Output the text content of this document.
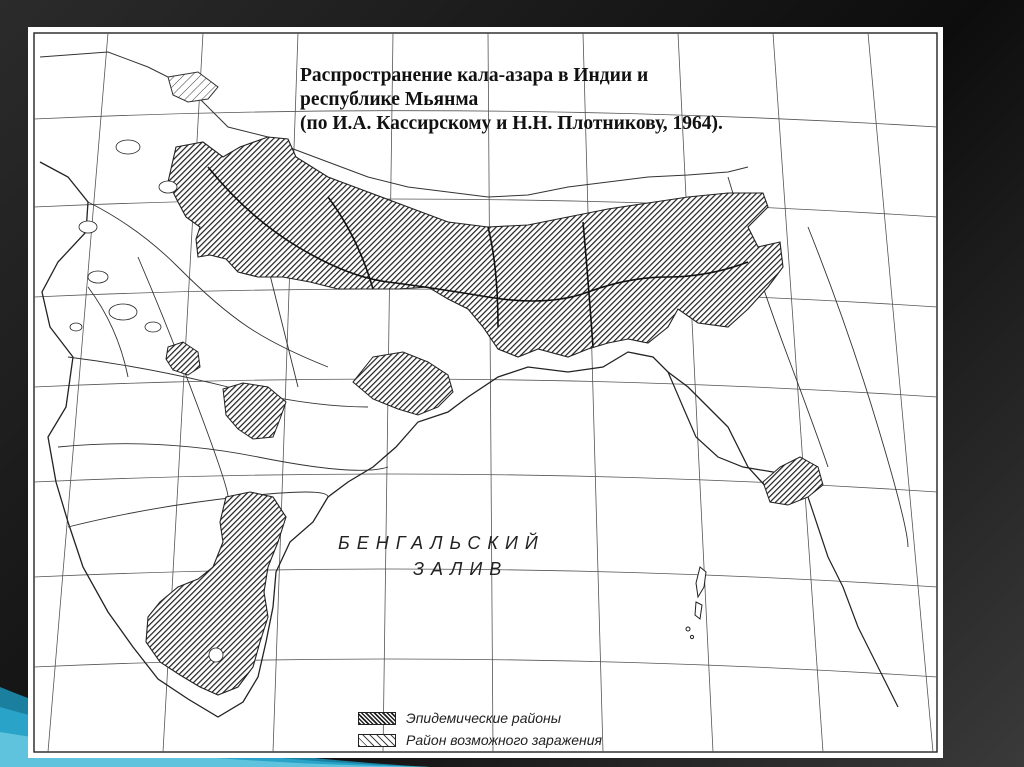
Распространение кала-азара в Индии и
республике Мьянма
(по И.А. Кассирскому и Н.Н. Плотникову, 1964).
БЕНГАЛЬСКИЙ
ЗАЛИВ
Эпидемические районы
Район возможного заражения
